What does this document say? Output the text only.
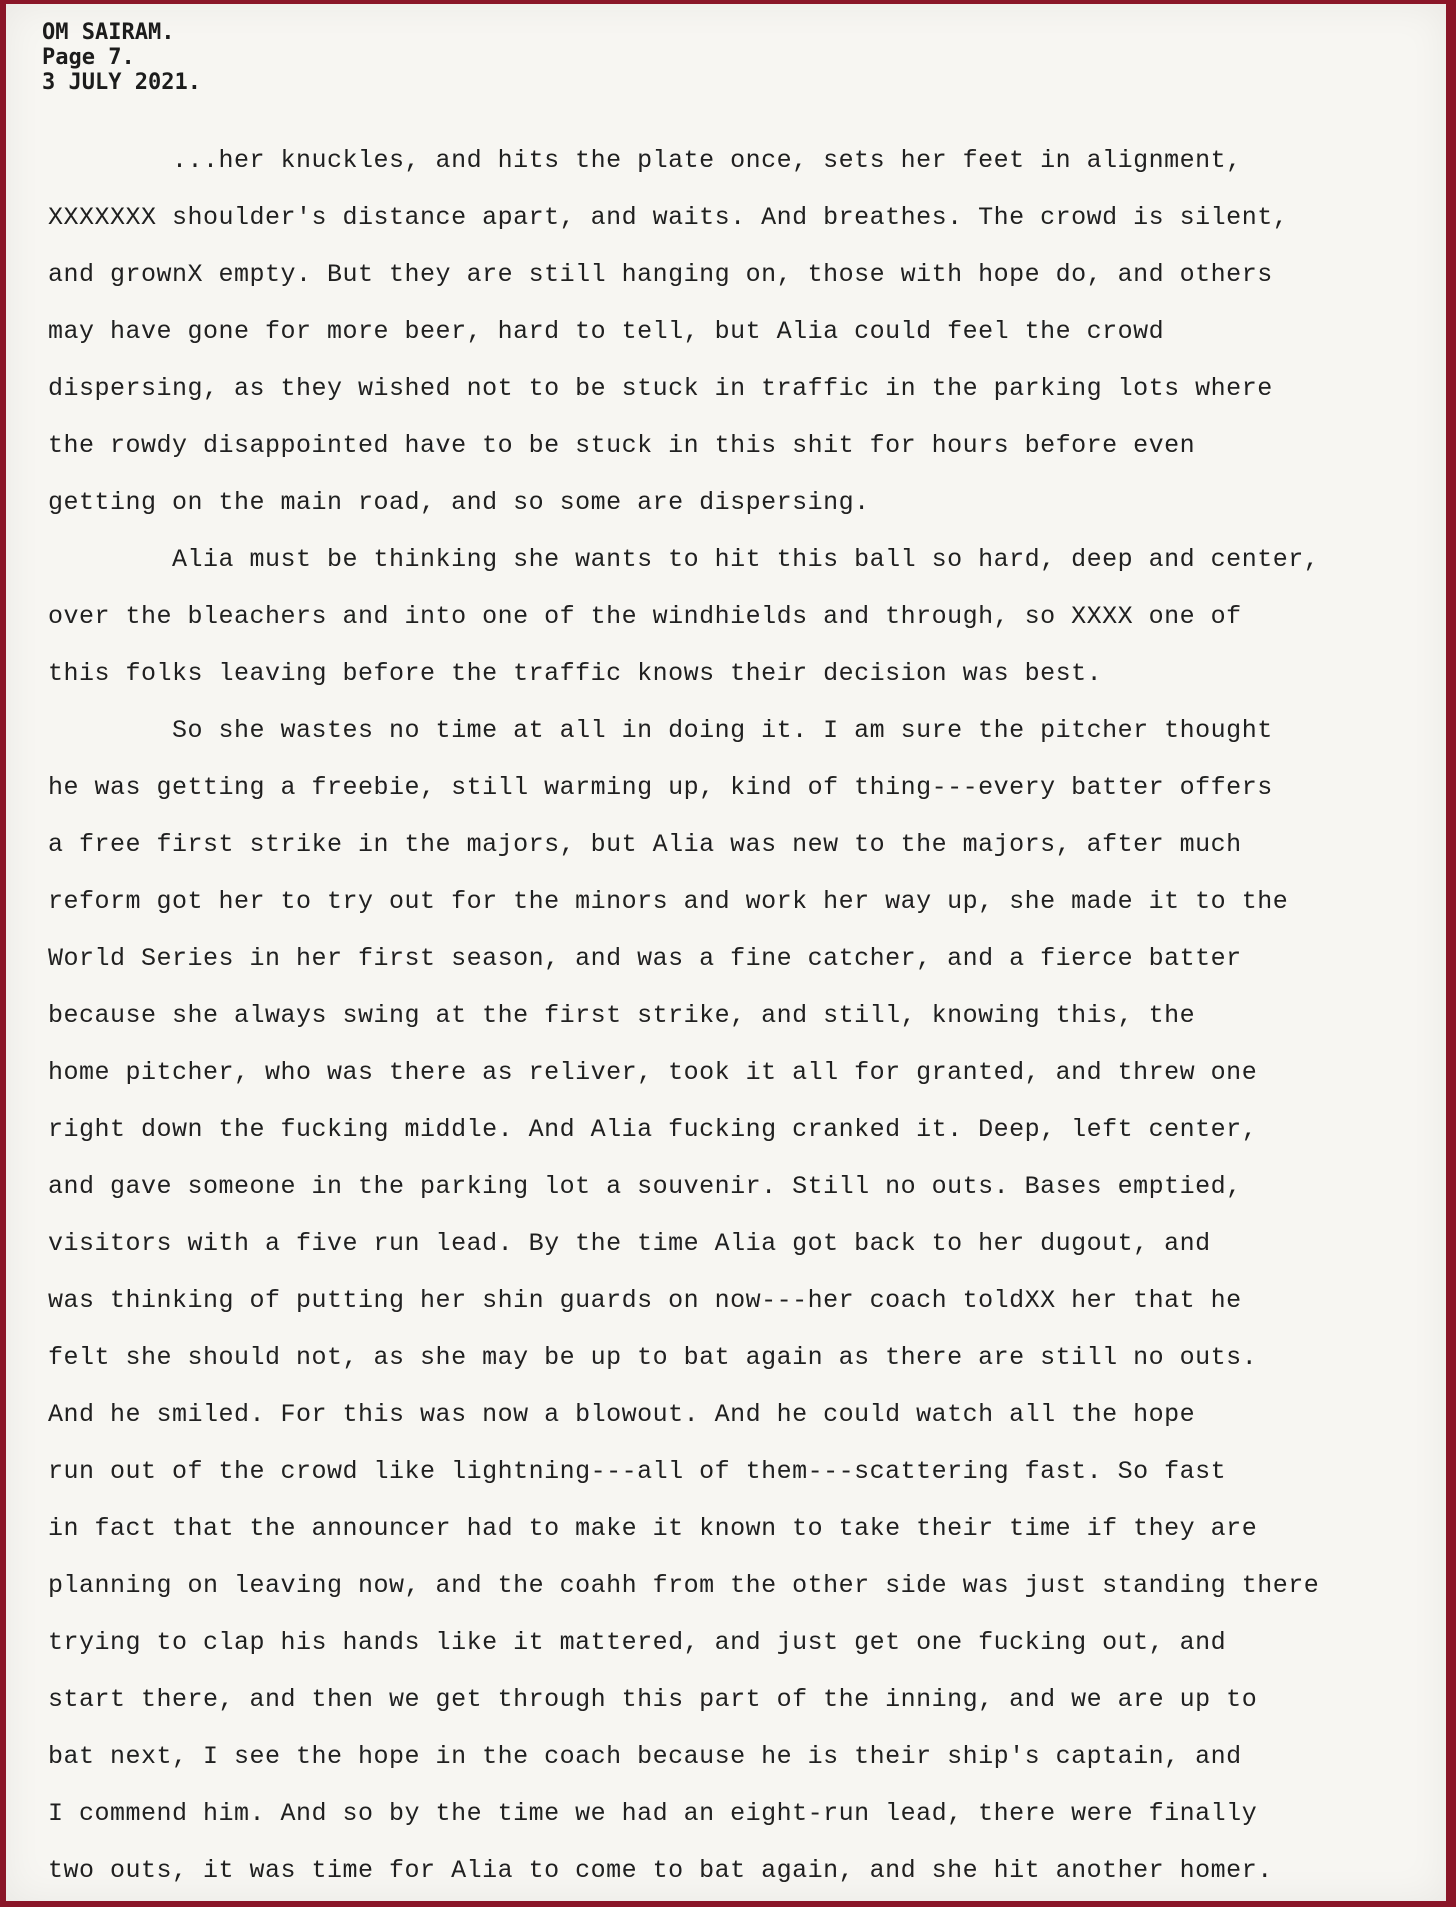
OM SAIRAM.
Page 7.
3 JULY 2021.
...her knuckles, and hits the plate once, sets her feet in alignment,
XXXXXXX shoulder's distance apart, and waits. And breathes. The crowd is silent,
and grownX empty. But they are still hanging on, those with hope do, and others
may have gone for more beer, hard to tell, but Alia could feel the crowd
dispersing, as they wished not to be stuck in traffic in the parking lots where
the rowdy disappointed have to be stuck in this shit for hours before even
getting on the main road, and so some are dispersing.
Alia must be thinking she wants to hit this ball so hard, deep and center,
over the bleachers and into one of the windhields and through, so XXXX one of
this folks leaving before the traffic knows their decision was best.
So she wastes no time at all in doing it. I am sure the pitcher thought
he was getting a freebie, still warming up, kind of thing---every batter offers
a free first strike in the majors, but Alia was new to the majors, after much
reform got her to try out for the minors and work her way up, she made it to the
World Series in her first season, and was a fine catcher, and a fierce batter
because she always swing at the first strike, and still, knowing this, the
home pitcher, who was there as reliver, took it all for granted, and threw one
right down the fucking middle. And Alia fucking cranked it. Deep, left center,
and gave someone in the parking lot a souvenir. Still no outs. Bases emptied,
visitors with a five run lead. By the time Alia got back to her dugout, and
was thinking of putting her shin guards on now---her coach toldXX her that he
felt she should not, as she may be up to bat again as there are still no outs.
And he smiled. For this was now a blowout. And he could watch all the hope
run out of the crowd like lightning---all of them---scattering fast. So fast
in fact that the announcer had to make it known to take their time if they are
planning on leaving now, and the coahh from the other side was just standing there
trying to clap his hands like it mattered, and just get one fucking out, and
start there, and then we get through this part of the inning, and we are up to
bat next, I see the hope in the coach because he is their ship's captain, and
I commend him. And so by the time we had an eight-run lead, there were finally
two outs, it was time for Alia to come to bat again, and she hit another homer.
